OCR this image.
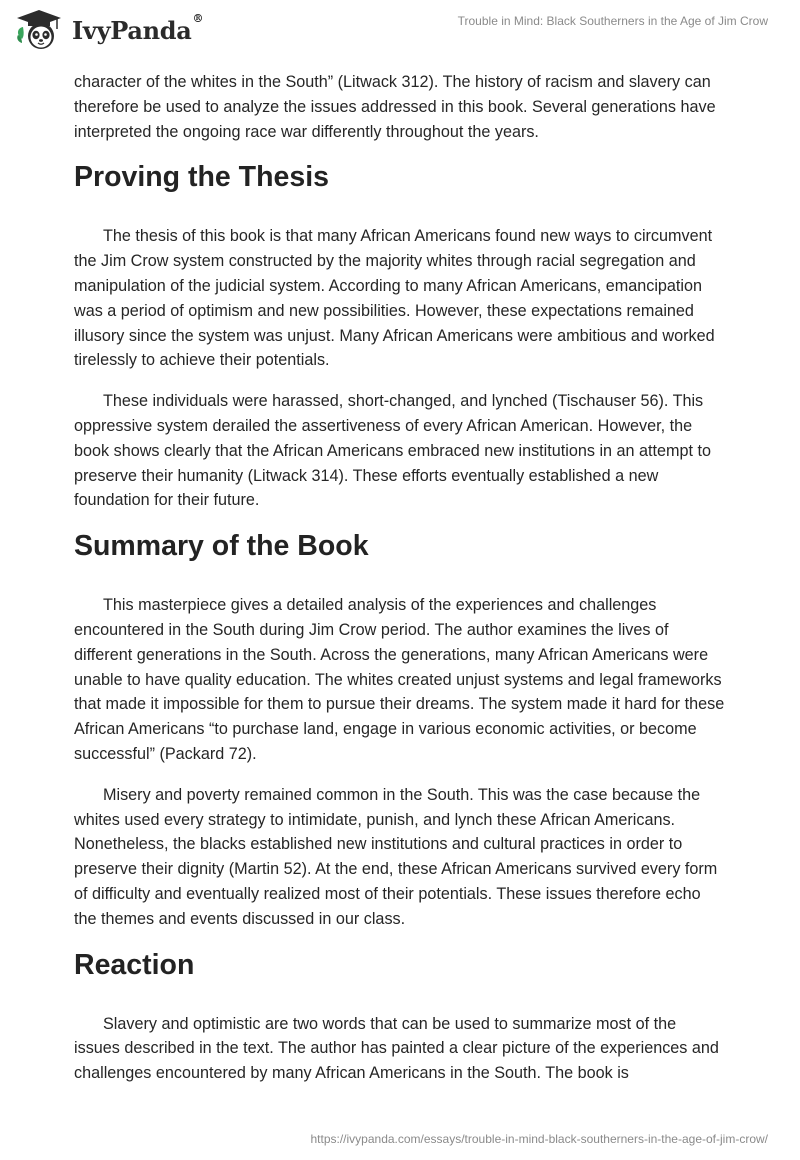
IvyPanda®	Trouble in Mind: Black Southerners in the Age of Jim Crow

character of the whites in the South” (Litwack 312). The history of racism and slavery can therefore be used to analyze the issues addressed in this book. Several generations have interpreted the ongoing race war differently throughout the years.

Proving the Thesis

The thesis of this book is that many African Americans found new ways to circumvent the Jim Crow system constructed by the majority whites through racial segregation and manipulation of the judicial system. According to many African Americans, emancipation was a period of optimism and new possibilities. However, these expectations remained illusory since the system was unjust. Many African Americans were ambitious and worked tirelessly to achieve their potentials.

These individuals were harassed, short-changed, and lynched (Tischauser 56). This oppressive system derailed the assertiveness of every African American. However, the book shows clearly that the African Americans embraced new institutions in an attempt to preserve their humanity (Litwack 314). These efforts eventually established a new foundation for their future.

Summary of the Book

This masterpiece gives a detailed analysis of the experiences and challenges encountered in the South during Jim Crow period. The author examines the lives of different generations in the South. Across the generations, many African Americans were unable to have quality education. The whites created unjust systems and legal frameworks that made it impossible for them to pursue their dreams. The system made it hard for these African Americans “to purchase land, engage in various economic activities, or become successful” (Packard 72).

Misery and poverty remained common in the South. This was the case because the whites used every strategy to intimidate, punish, and lynch these African Americans. Nonetheless, the blacks established new institutions and cultural practices in order to preserve their dignity (Martin 52). At the end, these African Americans survived every form of difficulty and eventually realized most of their potentials. These issues therefore echo the themes and events discussed in our class.

Reaction

Slavery and optimistic are two words that can be used to summarize most of the issues described in the text. The author has painted a clear picture of the experiences and challenges encountered by many African Americans in the South. The book is

https://ivypanda.com/essays/trouble-in-mind-black-southerners-in-the-age-of-jim-crow/
